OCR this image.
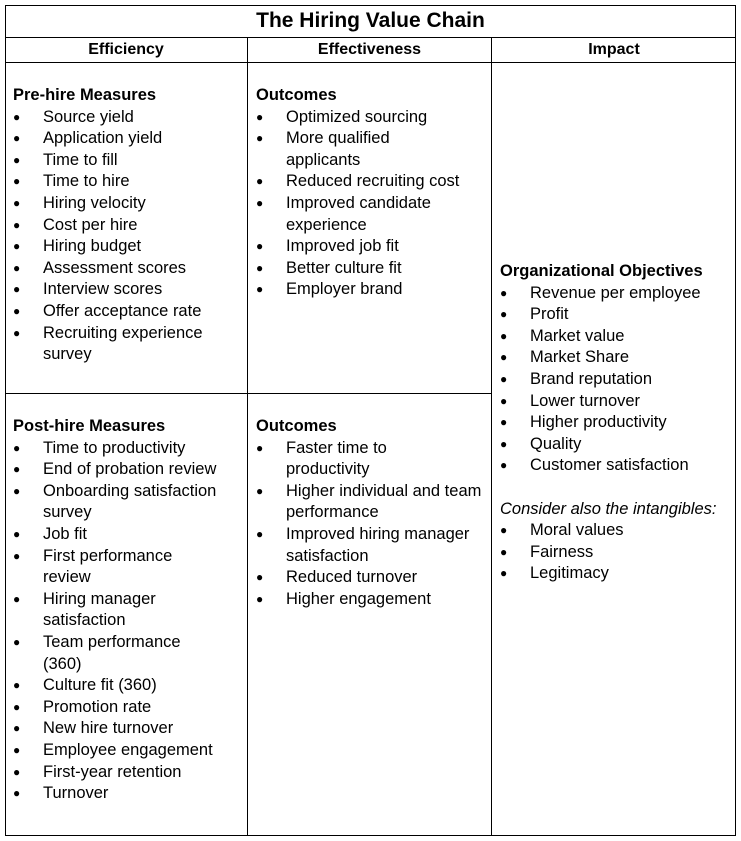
The Hiring Value Chain
Efficiency	Effectiveness	Impact
Pre-hire Measures
● Source yield
● Application yield
● Time to fill
● Time to hire
● Hiring velocity
● Cost per hire
● Hiring budget
● Assessment scores
● Interview scores
● Offer acceptance rate
● Recruiting experience survey
Outcomes
● Optimized sourcing
● More qualified applicants
● Reduced recruiting cost
● Improved candidate experience
● Improved job fit
● Better culture fit
● Employer brand
Post-hire Measures
● Time to productivity
● End of probation review
● Onboarding satisfaction survey
● Job fit
● First performance review
● Hiring manager satisfaction
● Team performance (360)
● Culture fit (360)
● Promotion rate
● New hire turnover
● Employee engagement
● First-year retention
● Turnover
Outcomes
● Faster time to productivity
● Higher individual and team performance
● Improved hiring manager satisfaction
● Reduced turnover
● Higher engagement
Organizational Objectives
● Revenue per employee
● Profit
● Market value
● Market Share
● Brand reputation
● Lower turnover
● Higher productivity
● Quality
● Customer satisfaction
Consider also the intangibles:
● Moral values
● Fairness
● Legitimacy
